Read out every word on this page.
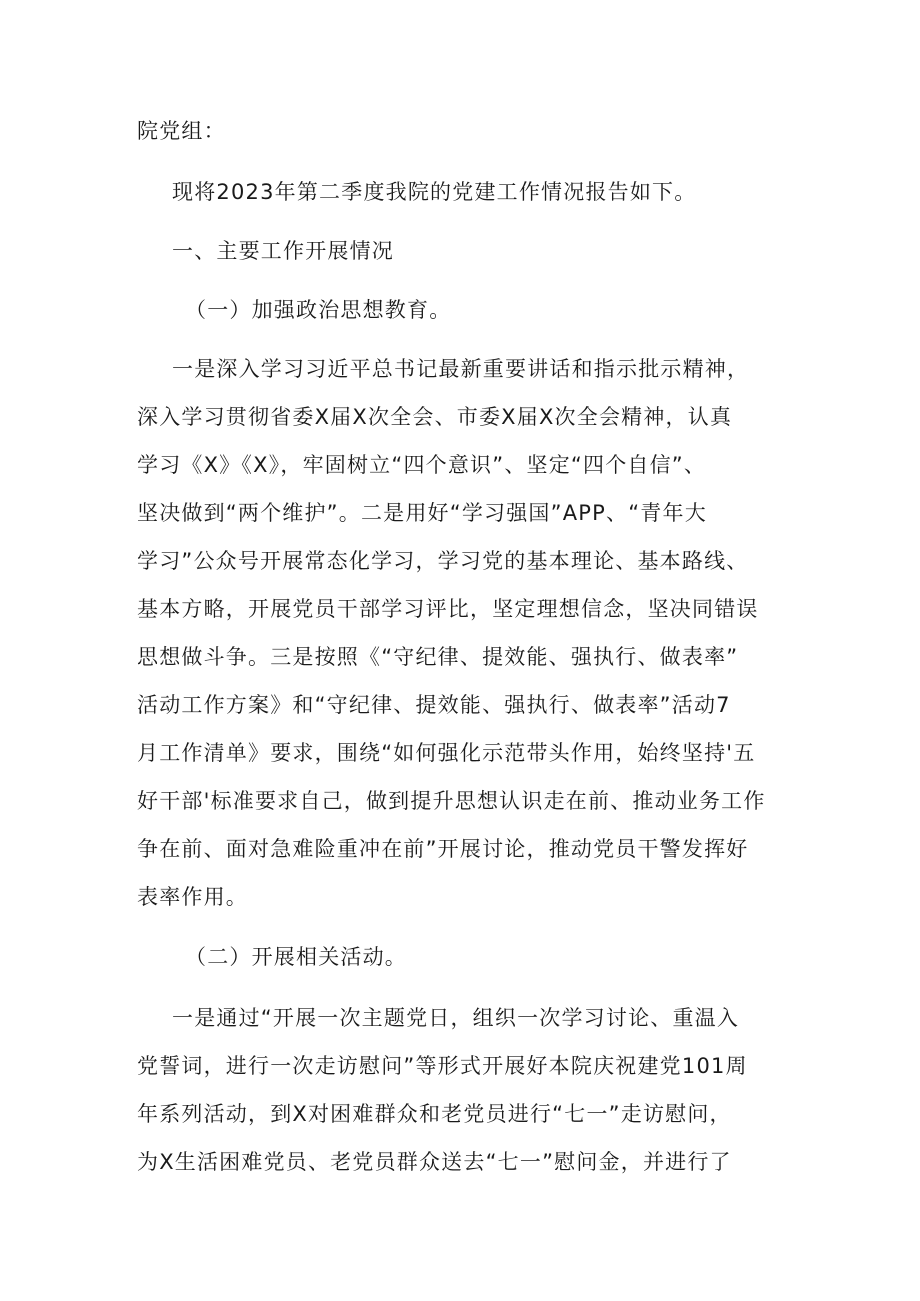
院党组：
现将2023年第二季度我院的党建工作情况报告如下。
一、主要工作开展情况
（一）加强政治思想教育。
一是深入学习习近平总书记最新重要讲话和指示批示精神，
深入学习贯彻省委X届X次全会、市委X届X次全会精神，认真
学习《X》《X》，牢固树立“四个意识”、坚定“四个自信”、
坚决做到“两个维护”。二是用好“学习强国”APP、“青年大
学习”公众号开展常态化学习，学习党的基本理论、基本路线、
基本方略，开展党员干部学习评比，坚定理想信念，坚决同错误
思想做斗争。三是按照《“守纪律、提效能、强执行、做表率”
活动工作方案》和“守纪律、提效能、强执行、做表率”活动7
月工作清单》要求，围绕“如何强化示范带头作用，始终坚持'五
好干部'标准要求自己，做到提升思想认识走在前、推动业务工作
争在前、面对急难险重冲在前”开展讨论，推动党员干警发挥好
表率作用。
（二）开展相关活动。
一是通过“开展一次主题党日，组织一次学习讨论、重温入
党誓词，进行一次走访慰问”等形式开展好本院庆祝建党101周
年系列活动，到X对困难群众和老党员进行“七一”走访慰问，
为X生活困难党员、老党员群众送去“七一”慰问金，并进行了
